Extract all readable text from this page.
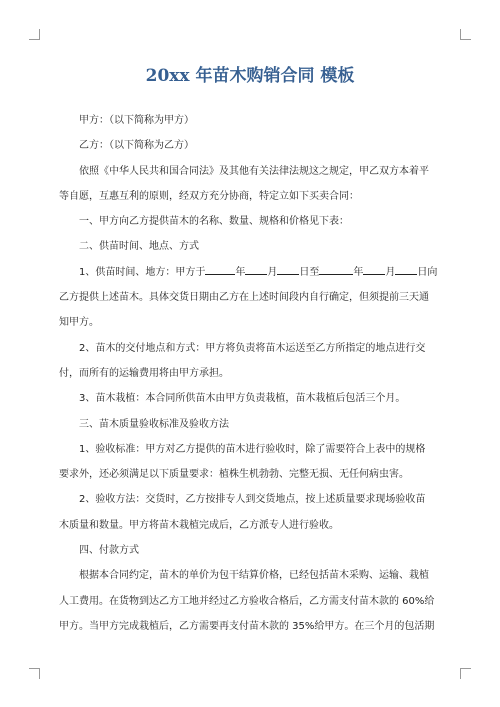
20xx 年苗木购销合同 模板

甲方：（以下简称为甲方）

乙方：（以下简称为乙方）

依照《中华人民共和国合同法》及其他有关法律法规这之规定，甲乙双方本着平

等自愿，互惠互利的原则，经双方充分协商，特定立如下买卖合同：

一、甲方向乙方提供苗木的名称、数量、规格和价格见下表：

二、供苗时间、地点、方式

1、供苗时间、地方：甲方于	年 月 日至	年 月 日向

乙方提供上述苗木。具体交货日期由乙方在上述时间段内自行确定，但须提前三天通

知甲方。

2、苗木的交付地点和方式：甲方将负责将苗木运送至乙方所指定的地点进行交

付，而所有的运输费用将由甲方承担。

3、苗木栽植：本合同所供苗木由甲方负责栽植，苗木栽植后包活三个月。

三、苗木质量验收标准及验收方法

1、验收标准：甲方对乙方提供的苗木进行验收时，除了需要符合上表中的规格

要求外，还必须满足以下质量要求：植株生机勃勃、完整无损、无任何病虫害。

2、验收方法：交货时，乙方按排专人到交货地点，按上述质量要求现场验收苗

木质量和数量。甲方将苗木栽植完成后，乙方派专人进行验收。

四、付款方式

根据本合同约定，苗木的单价为包干结算价格，已经包括苗木采购、运输、栽植

人工费用。在货物到达乙方工地并经过乙方验收合格后，乙方需支付苗木款的 60%给

甲方。当甲方完成栽植后，乙方需要再支付苗木款的 35%给甲方。在三个月的包活期
